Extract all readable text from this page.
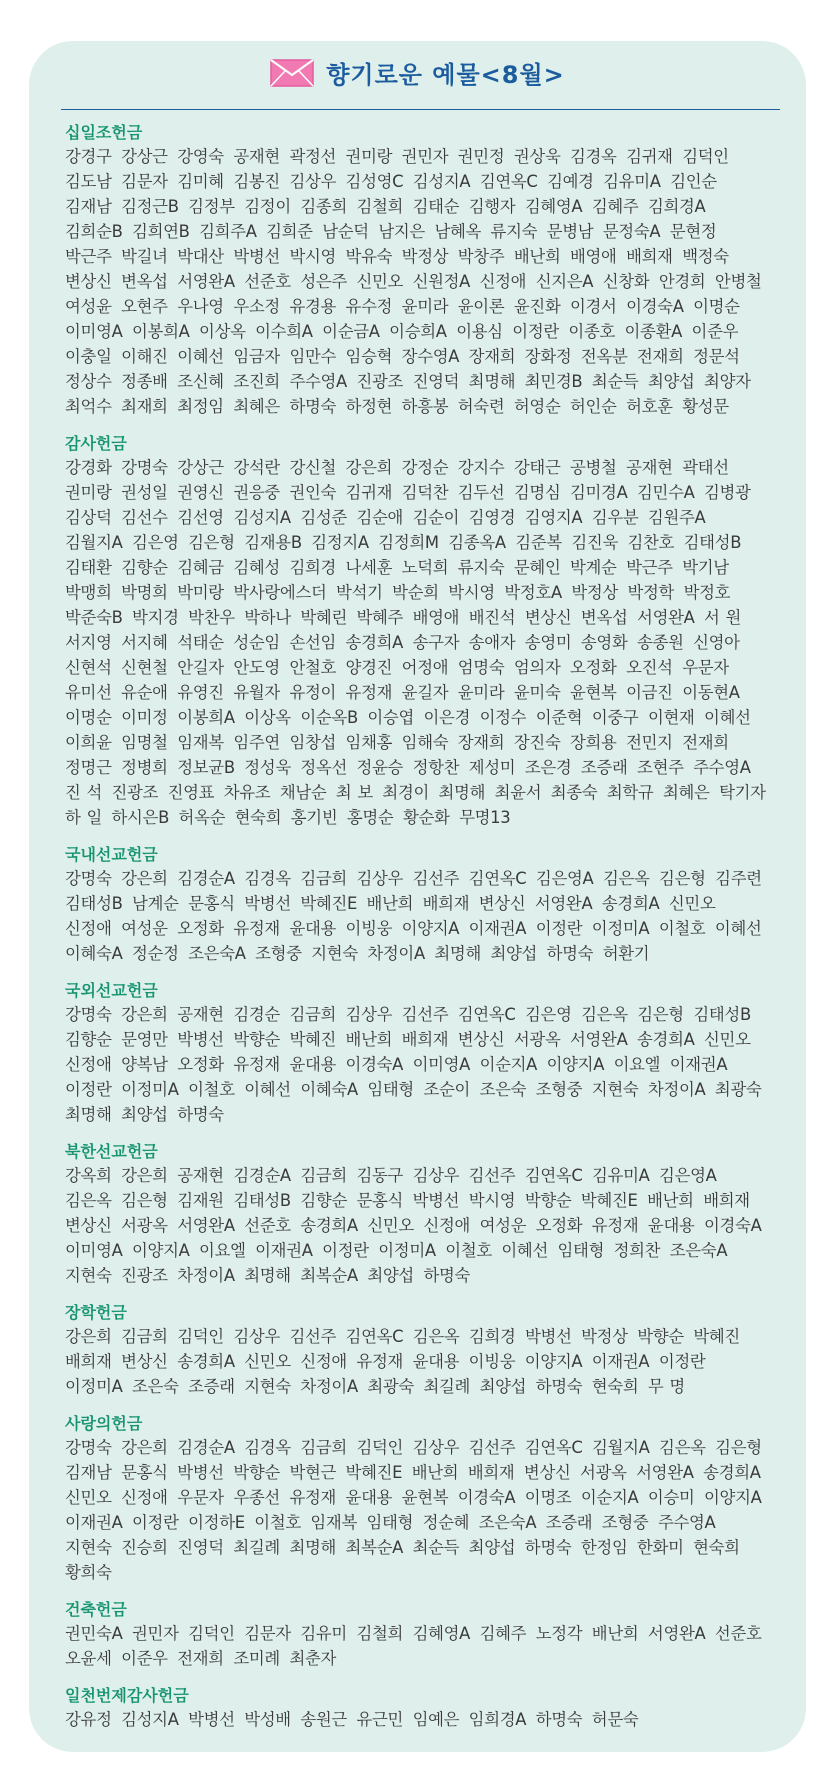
향기로운 예물<8월>
십일조헌금
강경구 강상근 강영숙 공재현 곽정선 권미랑 권민자 권민정 권상욱 김경옥 김귀재 김덕인김도남 김문자 김미혜 김봉진 김상우 김성영C 김성지A 김연옥C 김예경 김유미A 김인순김재남 김정근B 김정부 김정이 김종희 김철희 김태순 김행자 김혜영A 김혜주 김희경A김희순B 김희연B 김희주A 김희준 남순덕 남지은 남혜옥 류지숙 문병남 문정숙A 문현정박근주 박길녀 박대산 박병선 박시영 박유숙 박정상 박창주 배난희 배영애 배희재 백정숙변상신 변옥섭 서영완A 선준호 성은주 신민오 신원정A 신정애 신지은A 신창화 안경희 안병철여성윤 오현주 우나영 우소정 유경용 유수정 윤미라 윤이론 윤진화 이경서 이경숙A 이명순이미영A 이봉희A 이상옥 이수희A 이순금A 이승희A 이용심 이정란 이종호 이종환A 이준우이충일 이해진 이혜선 임금자 임만수 임승혁 장수영A 장재희 장화정 전옥분 전재희 정문석정상수 정종배 조신혜 조진희 주수영A 진광조 진영덕 최명해 최민경B 최순득 최양섭 최양자최억수 최재희 최정임 최혜은 하명숙 하정현 하흥봉 허숙련 허영순 허인순 허호훈 황성문
감사헌금
강경화 강명숙 강상근 강석란 강신철 강은희 강정순 강지수 강태근 공병철 공재현 곽태선권미랑 권성일 권영신 권응중 권인숙 김귀재 김덕찬 김두선 김명심 김미경A 김민수A 김병광김상덕 김선수 김선영 김성지A 김성준 김순애 김순이 김영경 김영지A 김우분 김원주A김월지A 김은영 김은형 김재용B 김정지A 김정희M 김종옥A 김준복 김진욱 김찬호 김태성B김태환 김향순 김혜금 김혜성 김희경 나세훈 노덕희 류지숙 문혜인 박계순 박근주 박기남박맹희 박명희 박미랑 박사랑에스더 박석기 박순희 박시영 박정호A 박정상 박정학 박정호박준숙B 박지경 박찬우 박하나 박혜린 박혜주 배영애 배진석 변상신 변옥섭 서영완A 서 원서지영 서지혜 석태순 성순임 손선임 송경희A 송구자 송애자 송영미 송영화 송종원 신영아신현석 신현철 안길자 안도영 안철호 양경진 어정애 엄명숙 엄의자 오정화 오진석 우문자유미선 유순애 유영진 유월자 유정이 유정재 윤길자 윤미라 윤미숙 윤현복 이금진 이동현A이명순 이미정 이봉희A 이상옥 이순옥B 이승엽 이은경 이정수 이준혁 이중구 이현재 이혜선이희윤 임명철 임재복 임주연 임창섭 임채홍 임해숙 장재희 장진숙 장희용 전민지 전재희정명근 정병희 정보균B 정성욱 정옥선 정윤승 정항찬 제성미 조은경 조증래 조현주 주수영A진 석 진광조 진영표 차유조 채남순 최 보 최경이 최명해 최윤서 최종숙 최학규 최혜은 탁기자하 일 하시은B 허옥순 현숙희 홍기빈 홍명순 황순화 무명13
국내선교헌금
강명숙 강은희 김경순A 김경옥 김금희 김상우 김선주 김연옥C 김은영A 김은옥 김은형 김주련김태성B 남계순 문홍식 박병선 박혜진E 배난희 배희재 변상신 서영완A 송경희A 신민오신정애 여성운 오정화 유정재 윤대용 이빙웅 이양지A 이재권A 이정란 이정미A 이철호 이혜선이혜숙A 정순정 조은숙A 조형중 지현숙 차정이A 최명해 최양섭 하명숙 허환기
국외선교헌금
강명숙 강은희 공재현 김경순 김금희 김상우 김선주 김연옥C 김은영 김은옥 김은형 김태성B김향순 문영만 박병선 박향순 박혜진 배난희 배희재 변상신 서광옥 서영완A 송경희A 신민오신정애 양복남 오정화 유정재 윤대용 이경숙A 이미영A 이순지A 이양지A 이요엘 이재권A이정란 이정미A 이철호 이혜선 이혜숙A 임태형 조순이 조은숙 조형중 지현숙 차정이A 최광숙최명해 최양섭 하명숙
북한선교헌금
강옥희 강은희 공재현 김경순A 김금희 김동구 김상우 김선주 김연옥C 김유미A 김은영A김은옥 김은형 김재원 김태성B 김향순 문홍식 박병선 박시영 박향순 박혜진E 배난희 배희재변상신 서광옥 서영완A 선준호 송경희A 신민오 신정애 여성운 오정화 유정재 윤대용 이경숙A이미영A 이양지A 이요엘 이재권A 이정란 이정미A 이철호 이혜선 임태형 정희찬 조은숙A지현숙 진광조 차정이A 최명해 최복순A 최양섭 하명숙
장학헌금
강은희 김금희 김덕인 김상우 김선주 김연옥C 김은옥 김희경 박병선 박정상 박향순 박혜진배희재 변상신 송경희A 신민오 신정애 유정재 윤대용 이빙웅 이양지A 이재권A 이정란이정미A 조은숙 조증래 지현숙 차정이A 최광숙 최길례 최양섭 하명숙 현숙희 무 명
사랑의헌금
강명숙 강은희 김경순A 김경옥 김금희 김덕인 김상우 김선주 김연옥C 김월지A 김은옥 김은형김재남 문홍식 박병선 박향순 박현근 박혜진E 배난희 배희재 변상신 서광옥 서영완A 송경희A신민오 신정애 우문자 우종선 유정재 윤대용 윤현복 이경숙A 이명조 이순지A 이승미 이양지A이재권A 이정란 이정하E 이철호 임재복 임태형 정순혜 조은숙A 조증래 조형중 주수영A지현숙 진승희 진영덕 최길례 최명해 최복순A 최순득 최양섭 하명숙 한정임 한화미 현숙희황희숙
건축헌금
권민숙A 권민자 김덕인 김문자 김유미 김철희 김혜영A 김혜주 노정각 배난희 서영완A 선준호오윤세 이준우 전재희 조미례 최춘자
일천번제감사헌금
강유정 김성지A 박병선 박성배 송원근 유근민 임예은 임희경A 하명숙 허문숙
